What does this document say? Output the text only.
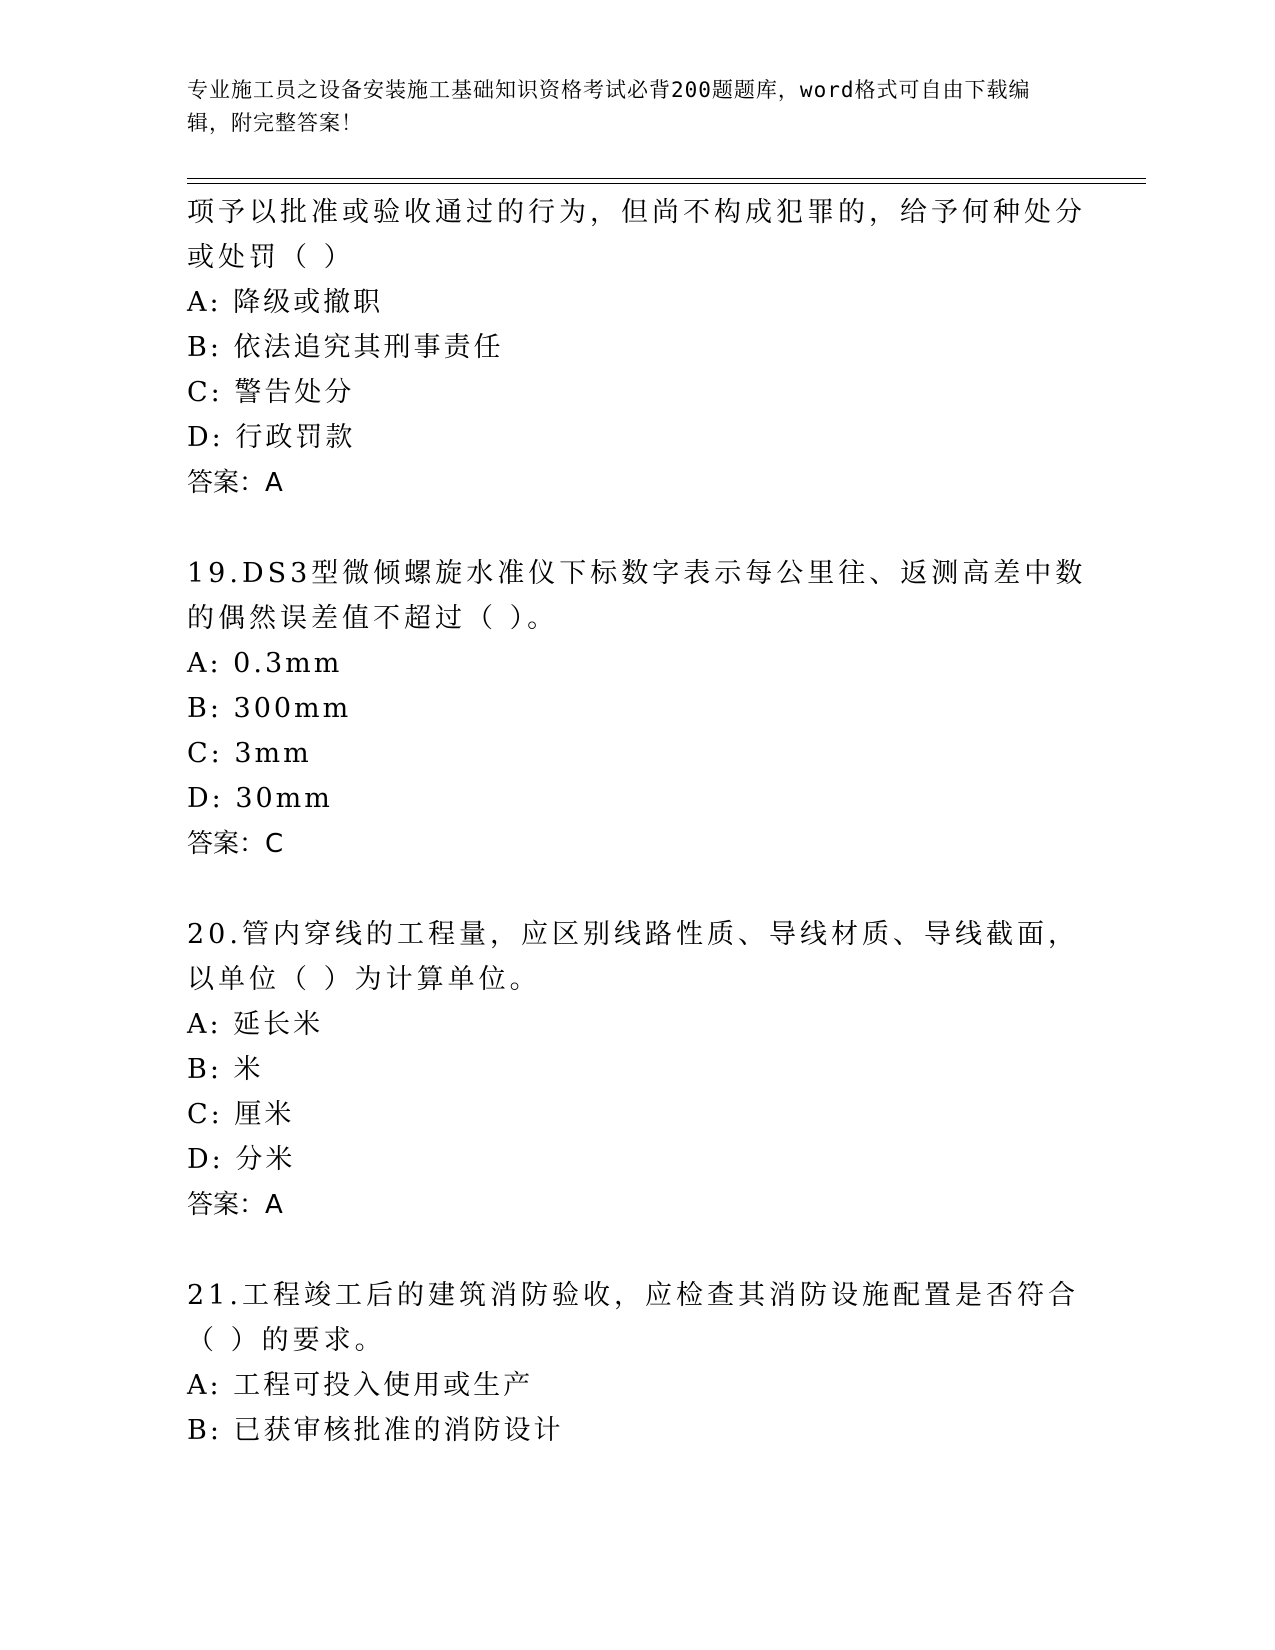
专业施工员之设备安装施工基础知识资格考试必背200题题库，word格式可自由下载编辑，附完整答案！

项予以批准或验收通过的行为，但尚不构成犯罪的，给予何种处分或处罚（ ）

A: 降级或撤职

B: 依法追究其刑事责任

C: 警告处分

D: 行政罚款

答案：A

19.DS3型微倾螺旋水准仪下标数字表示每公里往、返测高差中数的偶然误差值不超过（ ）。

A: 0.3mm

B: 300mm

C: 3mm

D: 30mm

答案：C

20.管内穿线的工程量，应区别线路性质、导线材质、导线截面，以单位（ ）为计算单位。

A: 延长米

B: 米

C: 厘米

D: 分米

答案：A

21.工程竣工后的建筑消防验收，应检查其消防设施配置是否符合（ ）的要求。

A: 工程可投入使用或生产

B: 已获审核批准的消防设计
